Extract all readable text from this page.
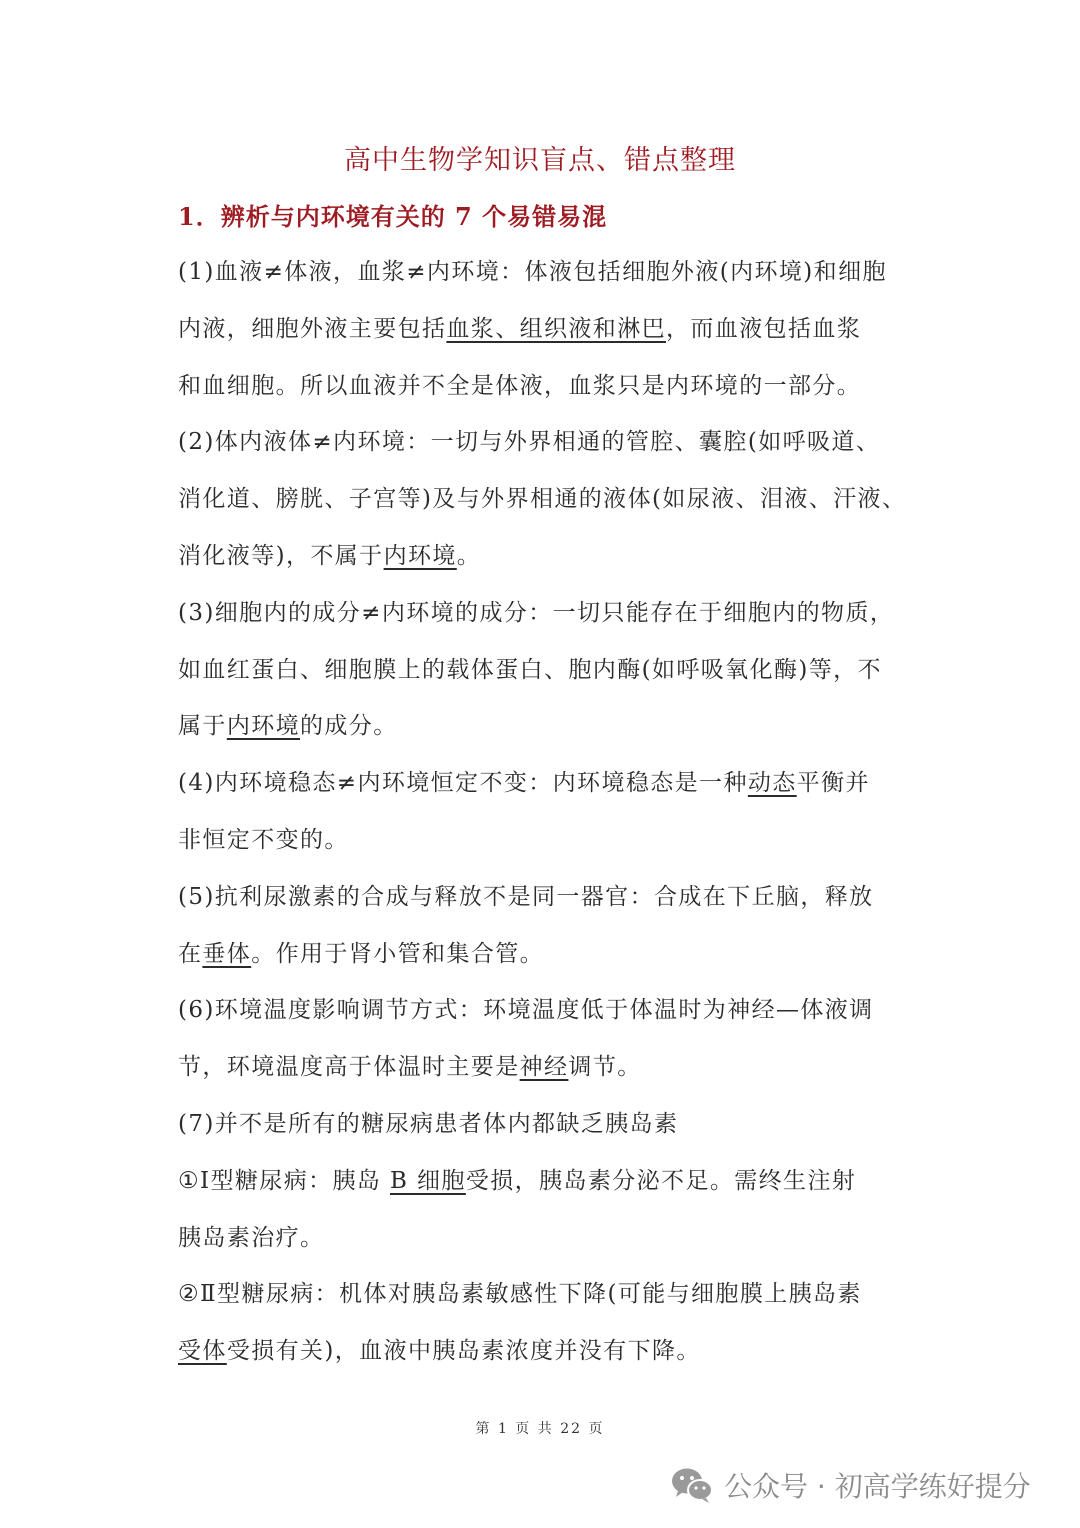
高中生物学知识盲点、错点整理
1．辨析与内环境有关的 7 个易错易混
(1)血液≠体液，血浆≠内环境：体液包括细胞外液(内环境)和细胞
内液，细胞外液主要包括血浆、组织液和淋巴，而血液包括血浆
和血细胞。所以血液并不全是体液，血浆只是内环境的一部分。
(2)体内液体≠内环境：一切与外界相通的管腔、囊腔(如呼吸道、
消化道、膀胱、子宫等)及与外界相通的液体(如尿液、泪液、汗液、
消化液等)，不属于内环境。
(3)细胞内的成分≠内环境的成分：一切只能存在于细胞内的物质，
如血红蛋白、细胞膜上的载体蛋白、胞内酶(如呼吸氧化酶)等，不
属于内环境的成分。
(4)内环境稳态≠内环境恒定不变：内环境稳态是一种动态平衡并
非恒定不变的。
(5)抗利尿激素的合成与释放不是同一器官：合成在下丘脑，释放
在垂体。作用于肾小管和集合管。
(6)环境温度影响调节方式：环境温度低于体温时为神经—体液调
节，环境温度高于体温时主要是神经调节。
(7)并不是所有的糖尿病患者体内都缺乏胰岛素
①Ⅰ型糖尿病：胰岛 B 细胞受损，胰岛素分泌不足。需终生注射
胰岛素治疗。
②Ⅱ型糖尿病：机体对胰岛素敏感性下降(可能与细胞膜上胰岛素
受体受损有关)，血液中胰岛素浓度并没有下降。
第 1 页 共 22 页
公众号 · 初高学练好提分
